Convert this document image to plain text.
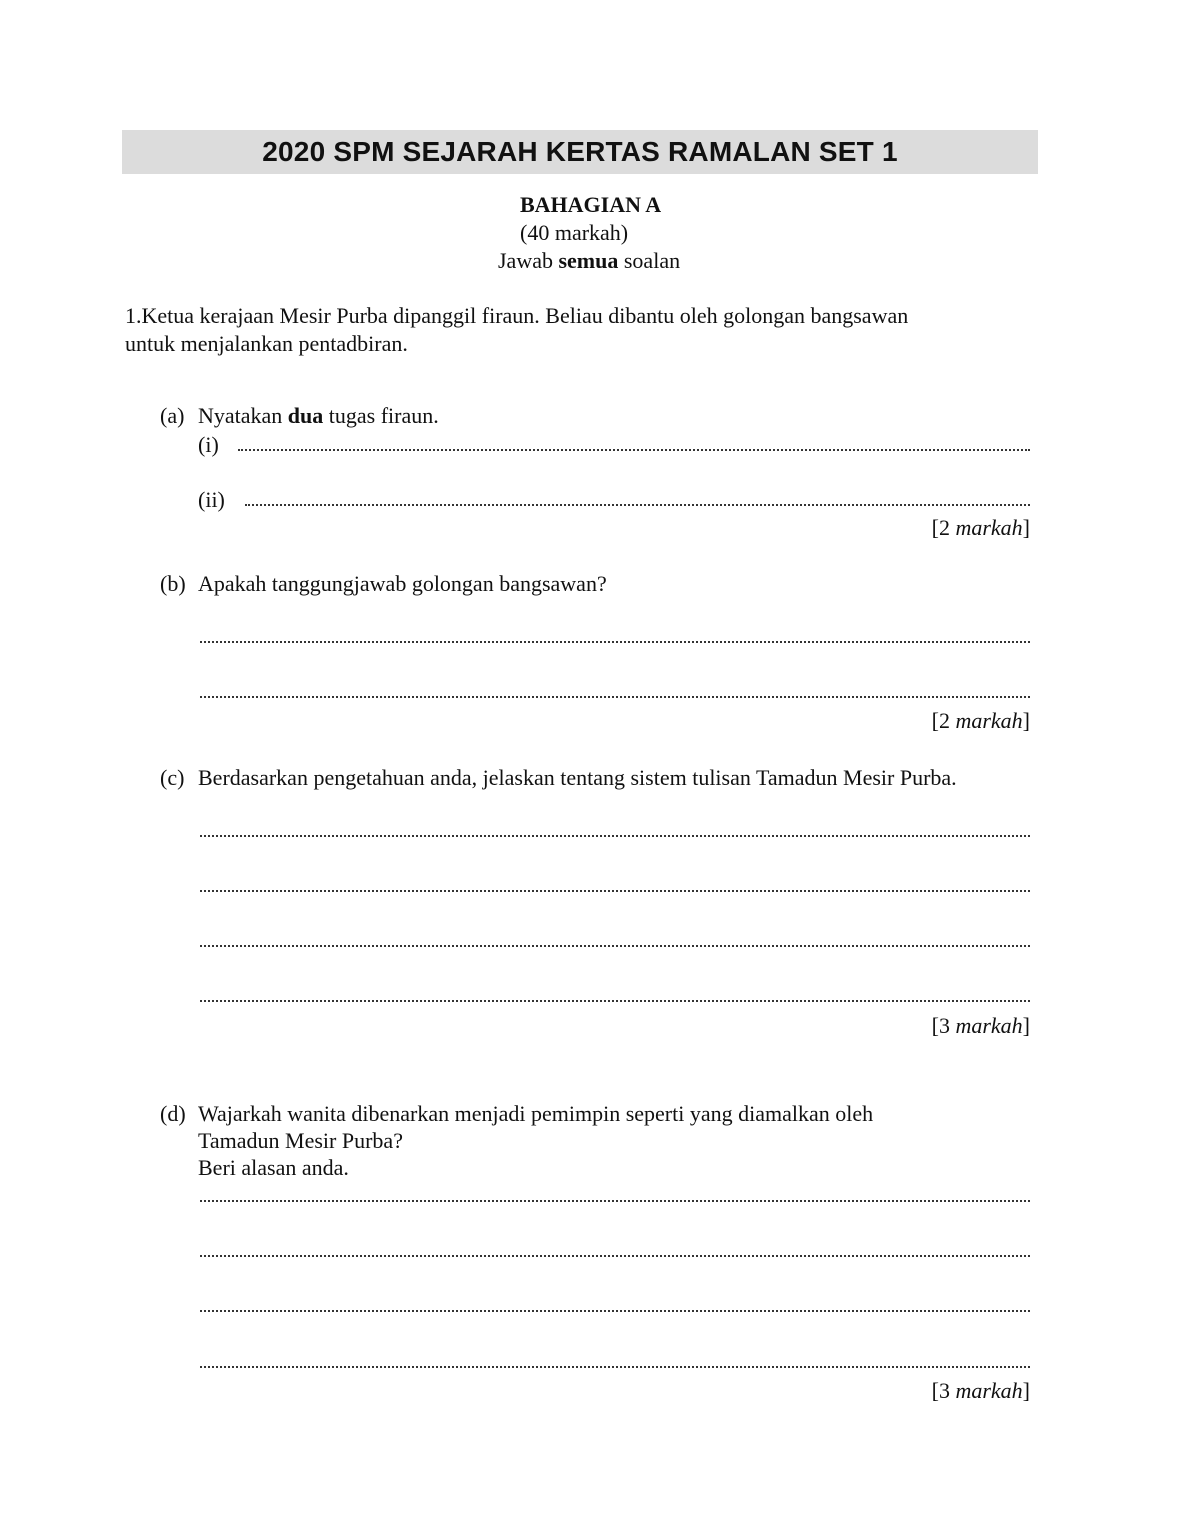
2020 SPM SEJARAH KERTAS RAMALAN SET 1
BAHAGIAN A
(40 markah)
Jawab semua soalan
1.Ketua kerajaan Mesir Purba dipanggil firaun. Beliau dibantu oleh golongan bangsawan
untuk menjalankan pentadbiran.
(a) Nyatakan dua tugas firaun.
(i)
(ii)
[2 markah]
(b) Apakah tanggungjawab golongan bangsawan?
[2 markah]
(c) Berdasarkan pengetahuan anda, jelaskan tentang sistem tulisan Tamadun Mesir Purba.
[3 markah]
(d) Wajarkah wanita dibenarkan menjadi pemimpin seperti yang diamalkan oleh
Tamadun Mesir Purba?
Beri alasan anda.
[3 markah]
